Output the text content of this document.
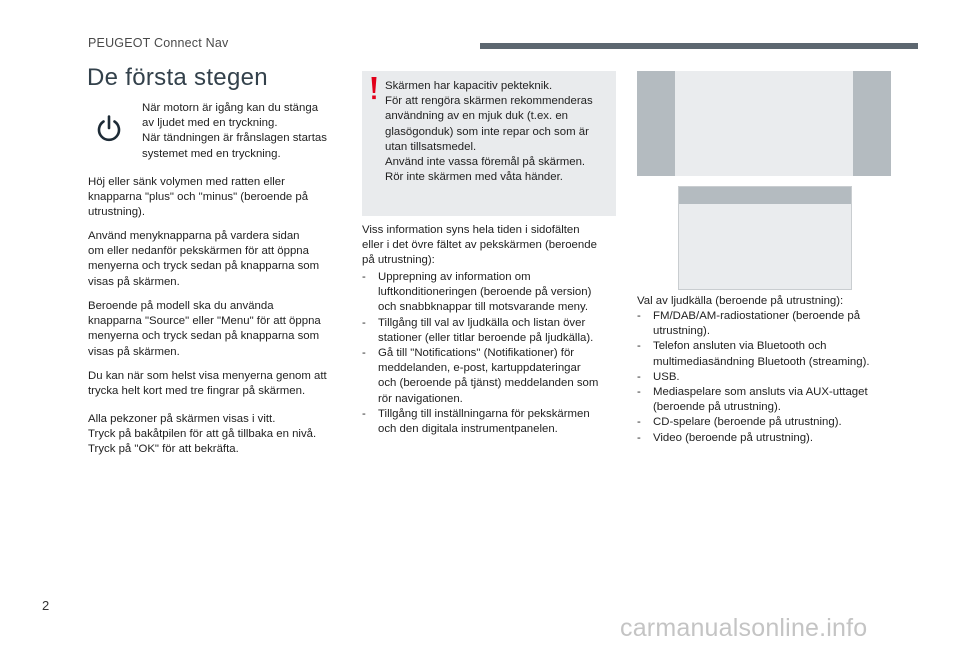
PEUGEOT Connect Nav
De första stegen

När motorn är igång kan du stänga
av ljudet med en tryckning.
När tändningen är frånslagen startas
systemet med en tryckning.

Höj eller sänk volymen med ratten eller
knapparna "plus" och "minus" (beroende på
utrustning).

Använd menyknapparna på vardera sidan
om eller nedanför pekskärmen för att öppna
menyerna och tryck sedan på knapparna som
visas på skärmen.

Beroende på modell ska du använda
knapparna "Source" eller "Menu" för att öppna
menyerna och tryck sedan på knapparna som
visas på skärmen.

Du kan när som helst visa menyerna genom att
trycka helt kort med tre fingrar på skärmen.

Alla pekzoner på skärmen visas i vitt.
Tryck på bakåtpilen för att gå tillbaka en nivå.
Tryck på "OK" för att bekräfta.

Skärmen har kapacitiv pekteknik.
För att rengöra skärmen rekommenderas
användning av en mjuk duk (t.ex. en
glasögonduk) som inte repar och som är
utan tillsatsmedel.
Använd inte vassa föremål på skärmen.
Rör inte skärmen med våta händer.

Viss information syns hela tiden i sidofälten
eller i det övre fältet av pekskärmen (beroende
på utrustning):

- Upprepning av information om
luftkonditioneringen (beroende på version)
och snabbknappar till motsvarande meny.
- Tillgång till val av ljudkälla och listan över
stationer (eller titlar beroende på ljudkälla).
- Gå till "Notifications" (Notifikationer) för
meddelanden, e-post, kartuppdateringar
och (beroende på tjänst) meddelanden som
rör navigationen.
- Tillgång till inställningarna för pekskärmen
och den digitala instrumentpanelen.

Val av ljudkälla (beroende på utrustning):

- FM/DAB/AM-radiostationer (beroende på
utrustning).
- Telefon ansluten via Bluetooth och
multimediasändning Bluetooth (streaming).
- USB.
- Mediaspelare som ansluts via AUX-uttaget
(beroende på utrustning).
- CD-spelare (beroende på utrustning).
- Video (beroende på utrustning).
2
carmanualsonline.info
